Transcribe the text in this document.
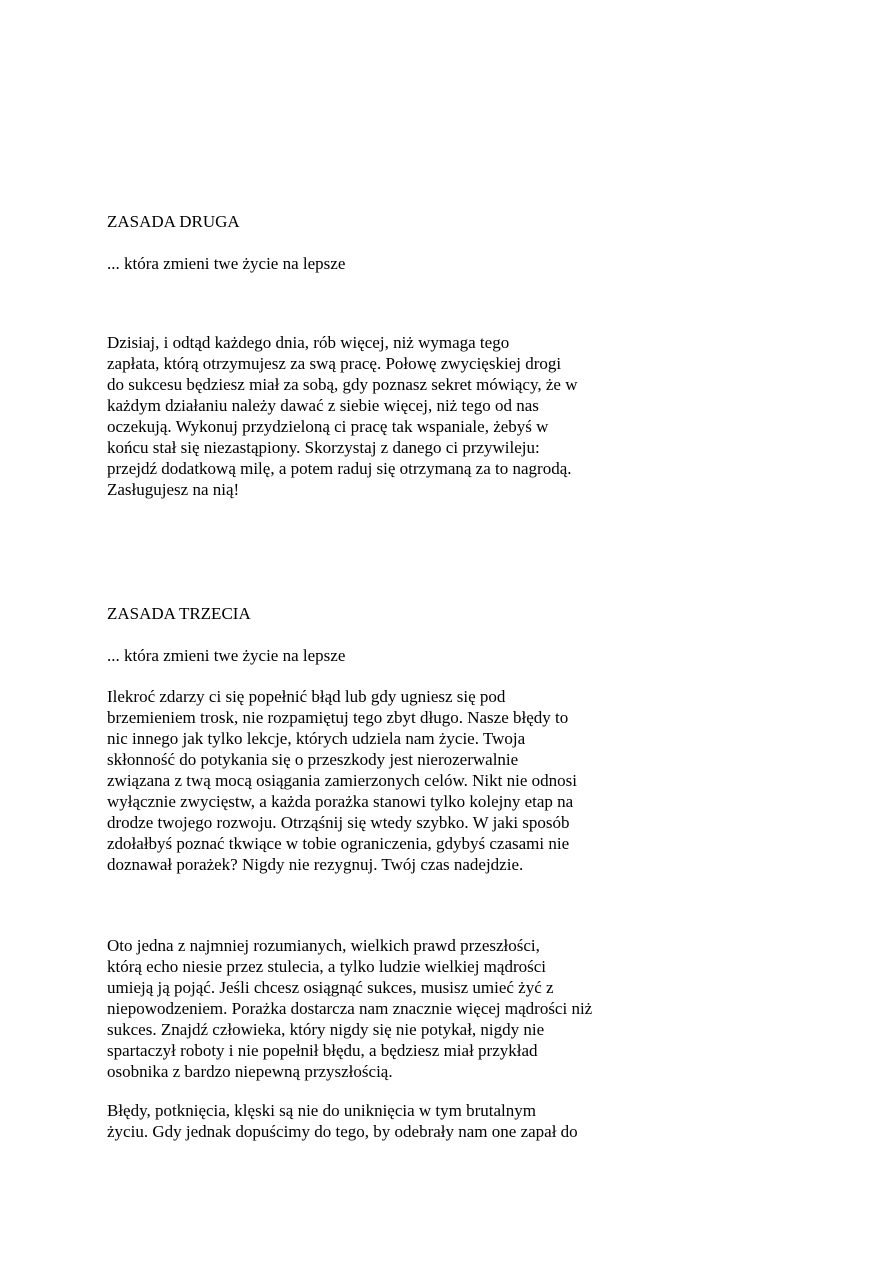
ZASADA DRUGA
... która zmieni twe życie na lepsze
Dzisiaj, i odtąd każdego dnia, rób więcej, niż wymaga tego
zapłata, którą otrzymujesz za swą pracę. Połowę zwycięskiej drogi
do sukcesu będziesz miał za sobą, gdy poznasz sekret mówiący, że w
każdym działaniu należy dawać z siebie więcej, niż tego od nas
oczekują. Wykonuj przydzieloną ci pracę tak wspaniale, żebyś w
końcu stał się niezastąpiony. Skorzystaj z danego ci przywileju:
przejdź dodatkową milę, a potem raduj się otrzymaną za to nagrodą.
Zasługujesz na nią!
ZASADA TRZECIA
... która zmieni twe życie na lepsze
Ilekroć zdarzy ci się popełnić błąd lub gdy ugniesz się pod
brzemieniem trosk, nie rozpamiętuj tego zbyt długo. Nasze błędy to
nic innego jak tylko lekcje, których udziela nam życie. Twoja
skłonność do potykania się o przeszkody jest nierozerwalnie
związana z twą mocą osiągania zamierzonych celów. Nikt nie odnosi
wyłącznie zwycięstw, a każda porażka stanowi tylko kolejny etap na
drodze twojego rozwoju. Otrząśnij się wtedy szybko. W jaki sposób
zdołałbyś poznać tkwiące w tobie ograniczenia, gdybyś czasami nie
doznawał porażek? Nigdy nie rezygnuj. Twój czas nadejdzie.
Oto jedna z najmniej rozumianych, wielkich prawd przeszłości,
którą echo niesie przez stulecia, a tylko ludzie wielkiej mądrości
umieją ją pojąć. Jeśli chcesz osiągnąć sukces, musisz umieć żyć z
niepowodzeniem. Porażka dostarcza nam znacznie więcej mądrości niż
sukces. Znajdź człowieka, który nigdy się nie potykał, nigdy nie
spartaczył roboty i nie popełnił błędu, a będziesz miał przykład
osobnika z bardzo niepewną przyszłością.
Błędy, potknięcia, klęski są nie do uniknięcia w tym brutalnym
życiu. Gdy jednak dopuścimy do tego, by odebrały nam one zapał do
